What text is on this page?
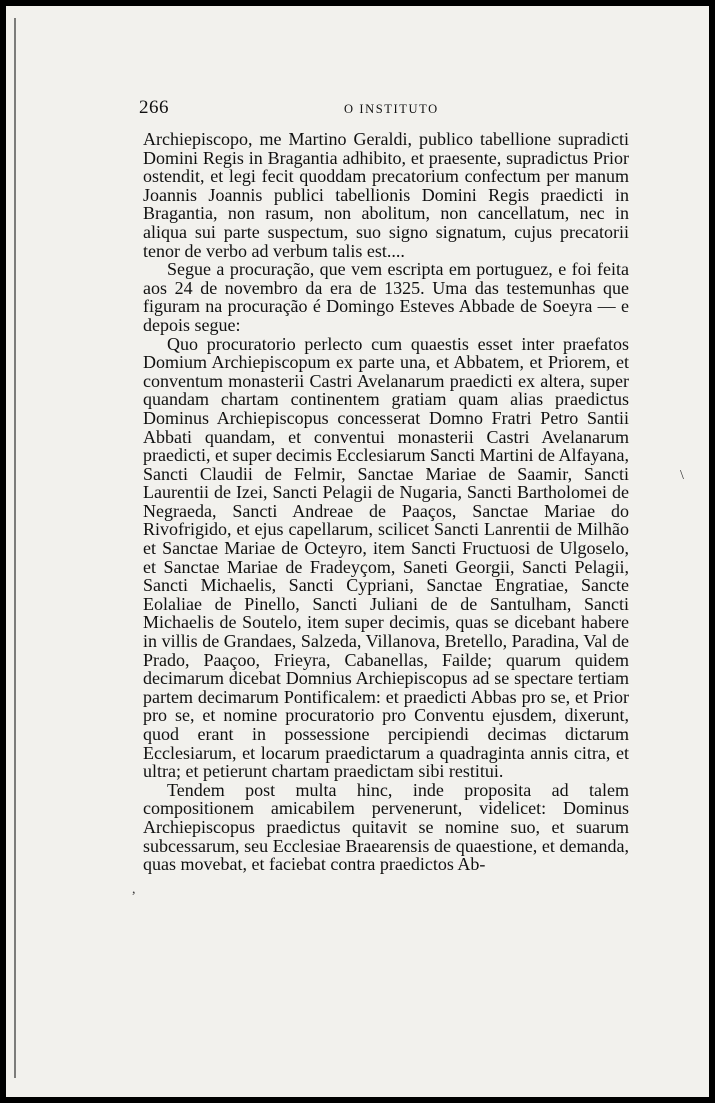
266	O INSTITUTO

Archiepiscopo, me Martino Geraldi, publico tabellione supradicti Domini Regis in Bragantia adhibito, et praesente, supradictus Prior ostendit, et legi fecit quoddam precatorium confectum per manum Joannis Joannis publici tabellionis Domini Regis praedicti in Bragantia, non rasum, non abolitum, non cancellatum, nec in aliqua sui parte suspectum, suo signo signatum, cujus precatorii tenor de verbo ad verbum talis est....

Segue a procuração, que vem escripta em portuguez, e foi feita aos 24 de novembro da era de 1325. Uma das testemunhas que figuram na procuração é Domingo Esteves Abbade de Soeyra — e depois segue:

Quo procuratorio perlecto cum quaestis esset inter praefatos Domium Archiepiscopum ex parte una, et Abbatem, et Priorem, et conventum monasterii Castri Avelanarum praedicti ex altera, super quandam chartam continentem gratiam quam alias praedictus Dominus Archiepiscopus concesserat Domno Fratri Petro Santii Abbati quandam, et conventui monasterii Castri Avelanarum praedicti, et super decimis Ecclesiarum Sancti Martini de Alfayana, Sancti Claudii de Felmir, Sanctae Mariae de Saamir, Sancti Laurentii de Izei, Sancti Pelagii de Nugaria, Sancti Bartholomei de Negraeda, Sancti Andreae de Paaços, Sanctae Mariae do Rivofrigido, et ejus capellarum, scilicet Sancti Lanrentii de Milhão et Sanctae Mariae de Octeyro, item Sancti Fructuosi de Ulgoselo, et Sanctae Mariae de Fradeyçom, Saneti Georgii, Sancti Pelagii, Sancti Michaelis, Sancti Cypriani, Sanctae Engratiae, Sancte Eolaliae de Pinello, Sancti Juliani de de Santulham, Sancti Michaelis de Soutelo, item super decimis, quas se dicebant habere in villis de Grandaes, Salzeda, Villanova, Bretello, Paradina, Val de Prado, Paaçoo, Frieyra, Cabanellas, Failde; quarum quidem decimarum dicebat Domnius Archiepiscopus ad se spectare tertiam partem decimarum Pontificalem: et praedicti Abbas pro se, et Prior pro se, et nomine procuratorio pro Conventu ejusdem, dixerunt, quod erant in possessione percipiendi decimas dictarum Ecclesiarum, et locarum praedictarum a quadraginta annis citra, et ultra; et petierunt chartam praedictam sibi restitui.

Tendem post multa hinc, inde proposita ad talem compositionem amicabilem pervenerunt, videlicet: Dominus Archiepiscopus praedictus quitavit se nomine suo, et suarum subcessarum, seu Ecclesiae Braearensis de quaestione, et demanda, quas movebat, et faciebat contra praedictos Ab-

\
,
